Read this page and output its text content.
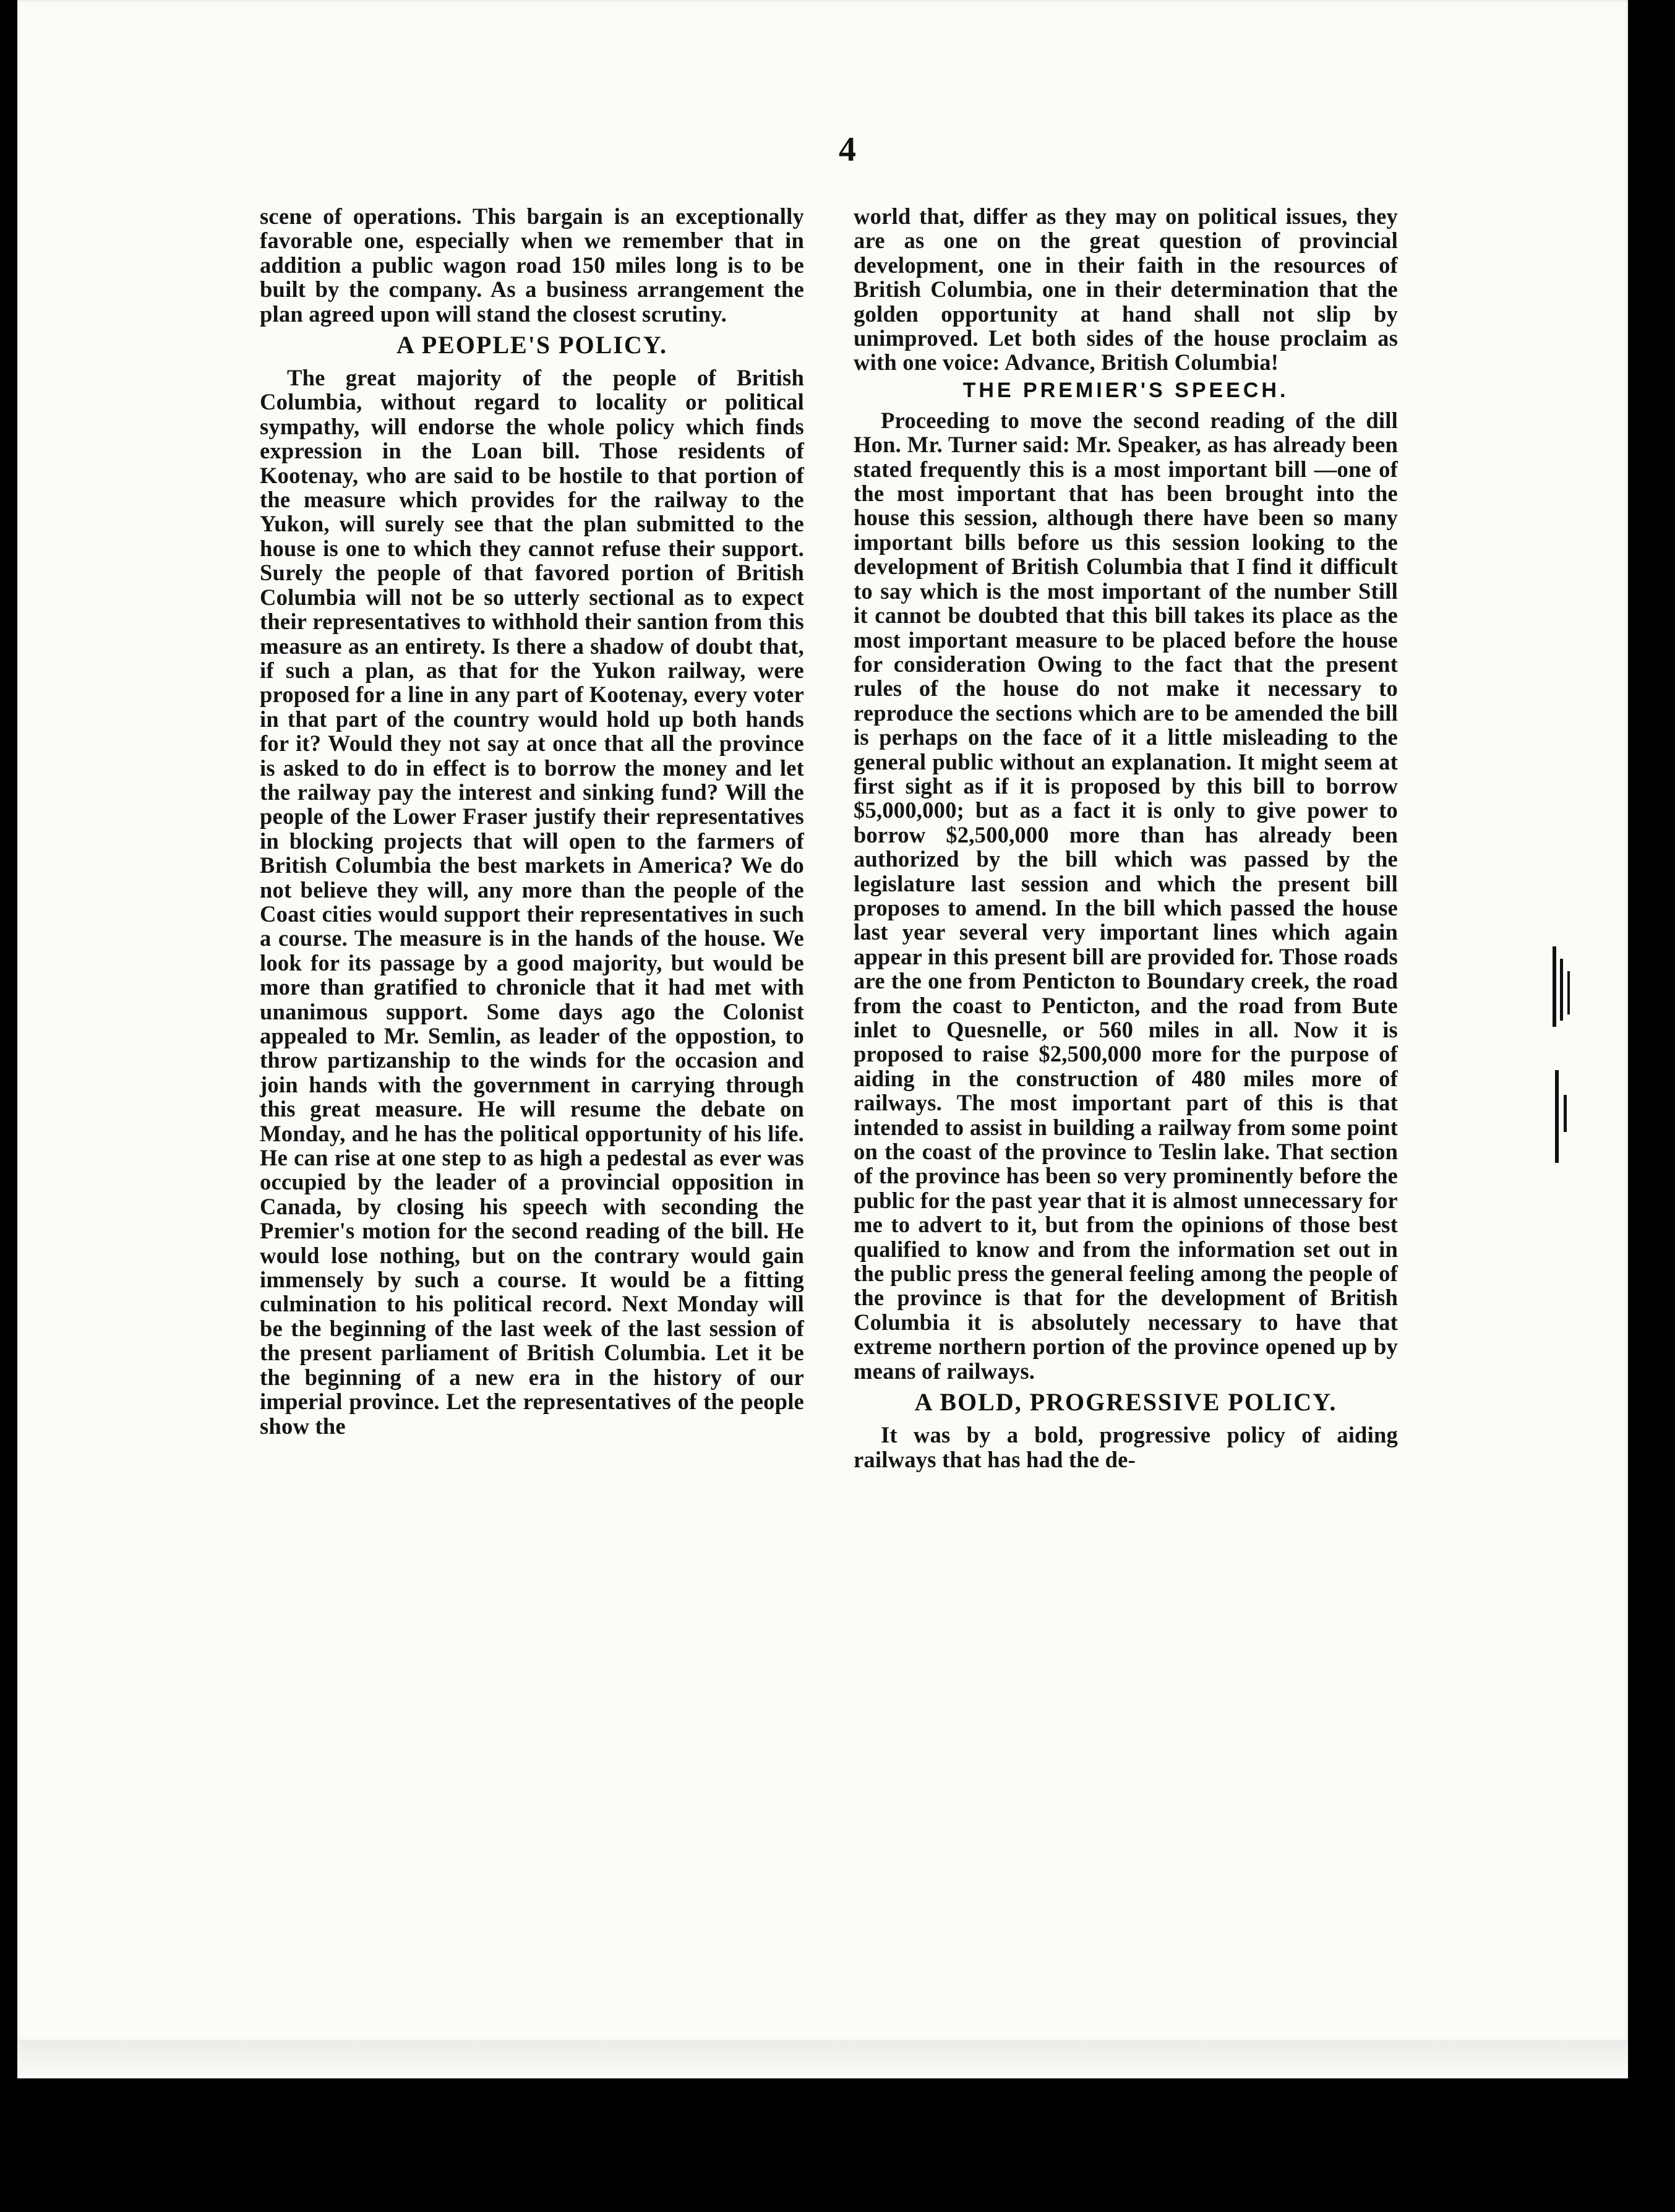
4

scene of operations. This bargain is an exceptionally favorable one, especially when we remember that in addition a public wagon road 150 miles long is to be built by the company. As a business arrangement the plan agreed upon will stand the closest scrutiny.

A PEOPLE'S POLICY.

The great majority of the people of British Columbia, without regard to locality or political sympathy, will endorse the whole policy which finds expression in the Loan bill. Those residents of Kootenay, who are said to be hostile to that portion of the measure which provides for the railway to the Yukon, will surely see that the plan submitted to the house is one to which they cannot refuse their support. Surely the people of that favored portion of British Columbia will not be so utterly sectional as to expect their representatives to withhold their santion from this measure as an entirety. Is there a shadow of doubt that, if such a plan, as that for the Yukon railway, were proposed for a line in any part of Kootenay, every voter in that part of the country would hold up both hands for it? Would they not say at once that all the province is asked to do in effect is to borrow the money and let the railway pay the interest and sinking fund? Will the people of the Lower Fraser justify their representatives in blocking projects that will open to the farmers of British Columbia the best markets in America? We do not believe they will, any more than the people of the Coast cities would support their representatives in such a course. The measure is in the hands of the house. We look for its passage by a good majority, but would be more than gratified to chronicle that it had met with unanimous support. Some days ago the Colonist appealed to Mr. Semlin, as leader of the oppostion, to throw partizanship to the winds for the occasion and join hands with the government in carrying through this great measure. He will resume the debate on Monday, and he has the political opportunity of his life. He can rise at one step to as high a pedestal as ever was occupied by the leader of a provincial opposition in Canada, by closing his speech with seconding the Premier's motion for the second reading of the bill. He would lose nothing, but on the contrary would gain immensely by such a course. It would be a fitting culmination to his political record. Next Monday will be the beginning of the last week of the last session of the present parliament of British Columbia. Let it be the beginning of a new era in the history of our imperial province. Let the representatives of the people show the

world that, differ as they may on political issues, they are as one on the great question of provincial development, one in their faith in the resources of British Columbia, one in their determination that the golden opportunity at hand shall not slip by unimproved. Let both sides of the house proclaim as with one voice: Advance, British Columbia!

THE PREMIER'S SPEECH.

Proceeding to move the second reading of the dill Hon. Mr. Turner said: Mr. Speaker, as has already been stated frequently this is a most important bill —one of the most important that has been brought into the house this session, although there have been so many important bills before us this session looking to the development of British Columbia that I find it difficult to say which is the most important of the number Still it cannot be doubted that this bill takes its place as the most important measure to be placed before the house for consideration Owing to the fact that the present rules of the house do not make it necessary to reproduce the sections which are to be amended the bill is perhaps on the face of it a little misleading to the general public without an explanation. It might seem at first sight as if it is proposed by this bill to borrow $5,000,000; but as a fact it is only to give power to borrow $2,500,000 more than has already been authorized by the bill which was passed by the legislature last session and which the present bill proposes to amend. In the bill which passed the house last year several very important lines which again appear in this present bill are provided for. Those roads are the one from Penticton to Boundary creek, the road from the coast to Penticton, and the road from Bute inlet to Quesnelle, or 560 miles in all. Now it is proposed to raise $2,500,000 more for the purpose of aiding in the construction of 480 miles more of railways. The most important part of this is that intended to assist in building a railway from some point on the coast of the province to Teslin lake. That section of the province has been so very prominently before the public for the past year that it is almost unnecessary for me to advert to it, but from the opinions of those best qualified to know and from the information set out in the public press the general feeling among the people of the province is that for the development of British Columbia it is absolutely necessary to have that extreme northern portion of the province opened up by means of railways.

A BOLD, PROGRESSIVE POLICY.

It was by a bold, progressive policy of aiding railways that has had the de-
